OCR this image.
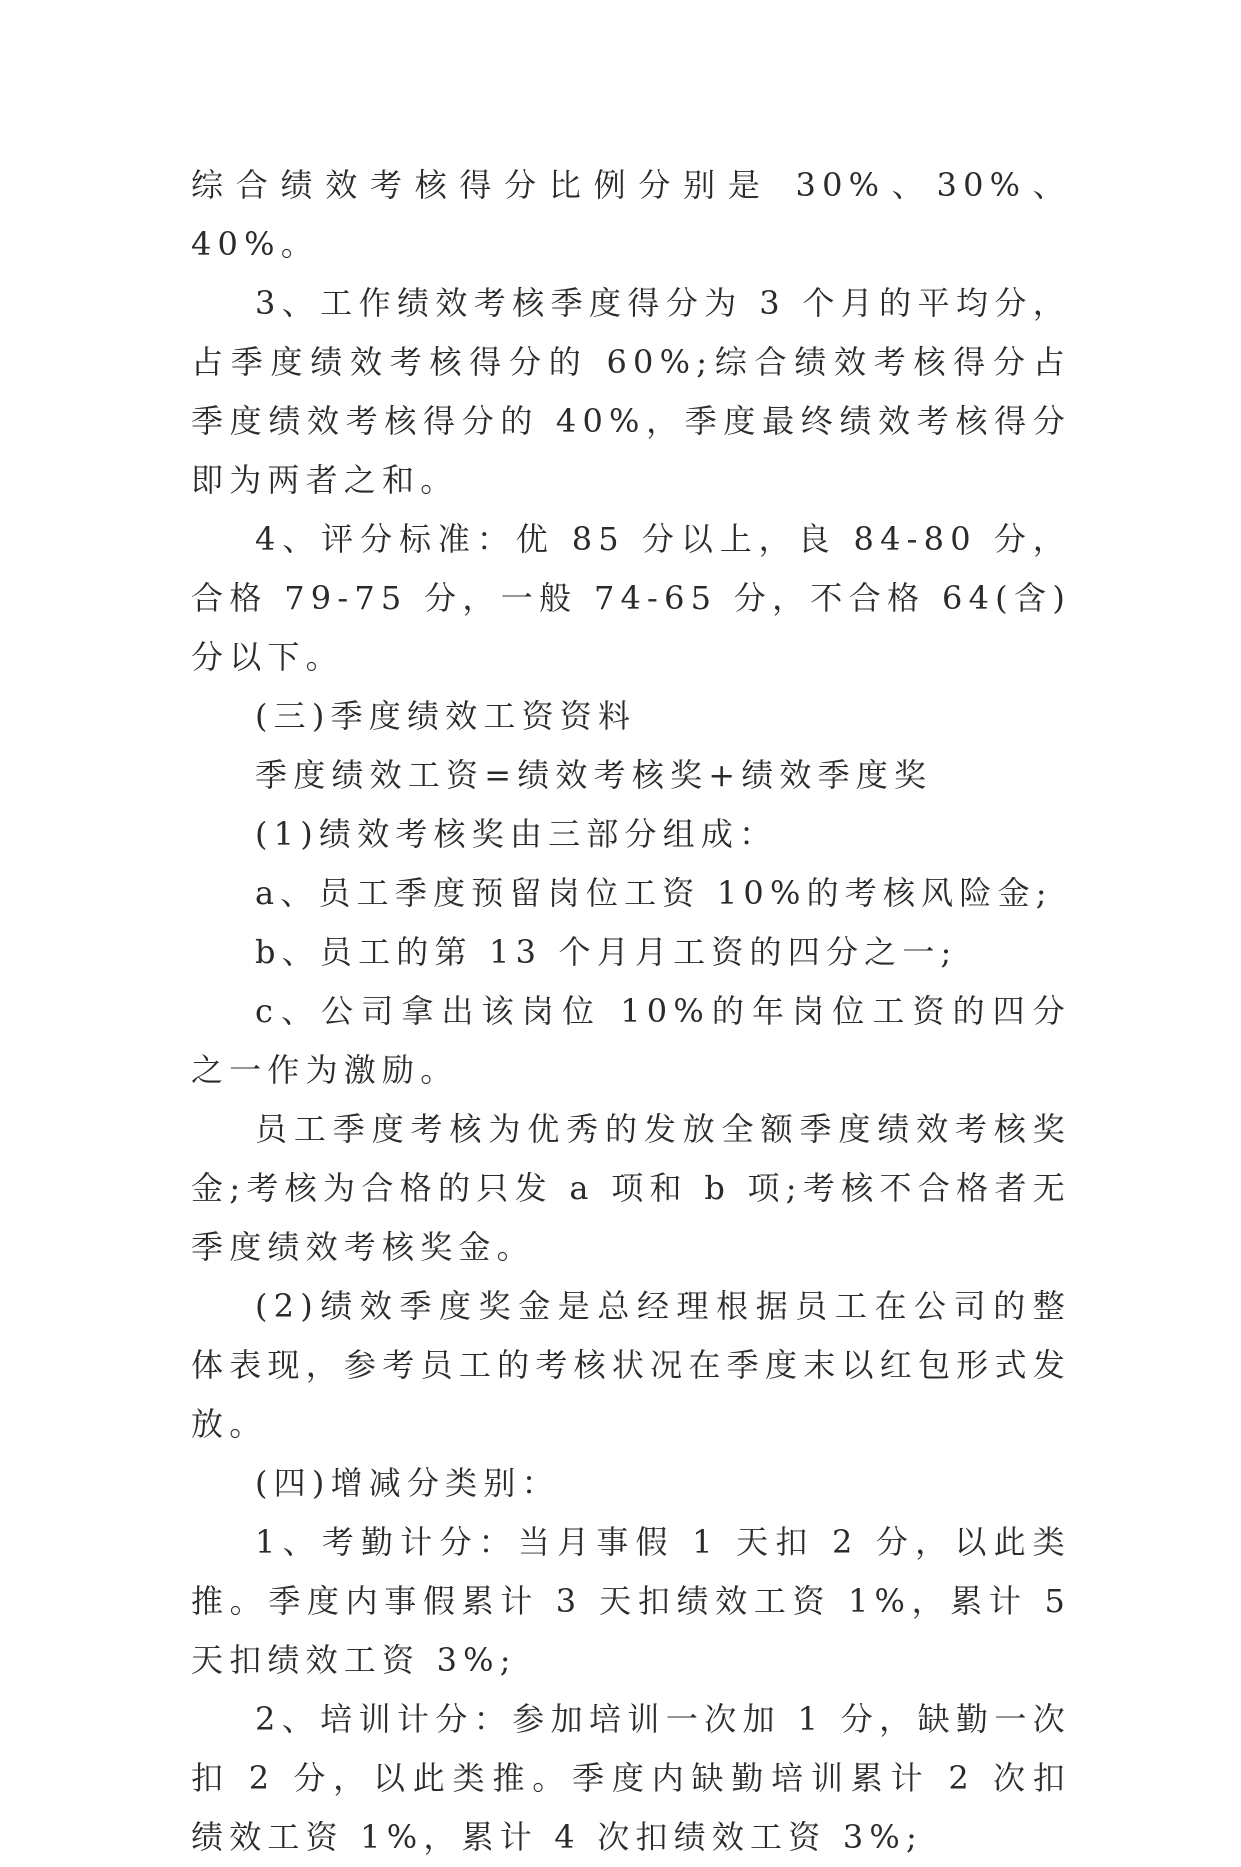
综合绩效考核得分比例分别是 30%、30%、40%。

3、工作绩效考核季度得分为 3 个月的平均分，占季度绩效考核得分的 60%;综合绩效考核得分占季度绩效考核得分的 40%，季度最终绩效考核得分即为两者之和。

4、评分标准：优 85 分以上，良 84-80 分，合格 79-75 分，一般 74-65 分，不合格 64(含)分以下。

(三)季度绩效工资资料

季度绩效工资=绩效考核奖+绩效季度奖

(1)绩效考核奖由三部分组成：

a、员工季度预留岗位工资 10%的考核风险金;

b、员工的第 13 个月月工资的四分之一;

c、公司拿出该岗位 10%的年岗位工资的四分之一作为激励。

员工季度考核为优秀的发放全额季度绩效考核奖金;考核为合格的只发 a 项和 b 项;考核不合格者无季度绩效考核奖金。

(2)绩效季度奖金是总经理根据员工在公司的整体表现，参考员工的考核状况在季度末以红包形式发放。

(四)增减分类别：

1、考勤计分：当月事假 1 天扣 2 分，以此类推。季度内事假累计 3 天扣绩效工资 1%，累计 5 天扣绩效工资 3%;

2、培训计分：参加培训一次加 1 分，缺勤一次扣 2 分，以此类推。季度内缺勤培训累计 2 次扣绩效工资 1%，累计 4 次扣绩效工资 3%;
